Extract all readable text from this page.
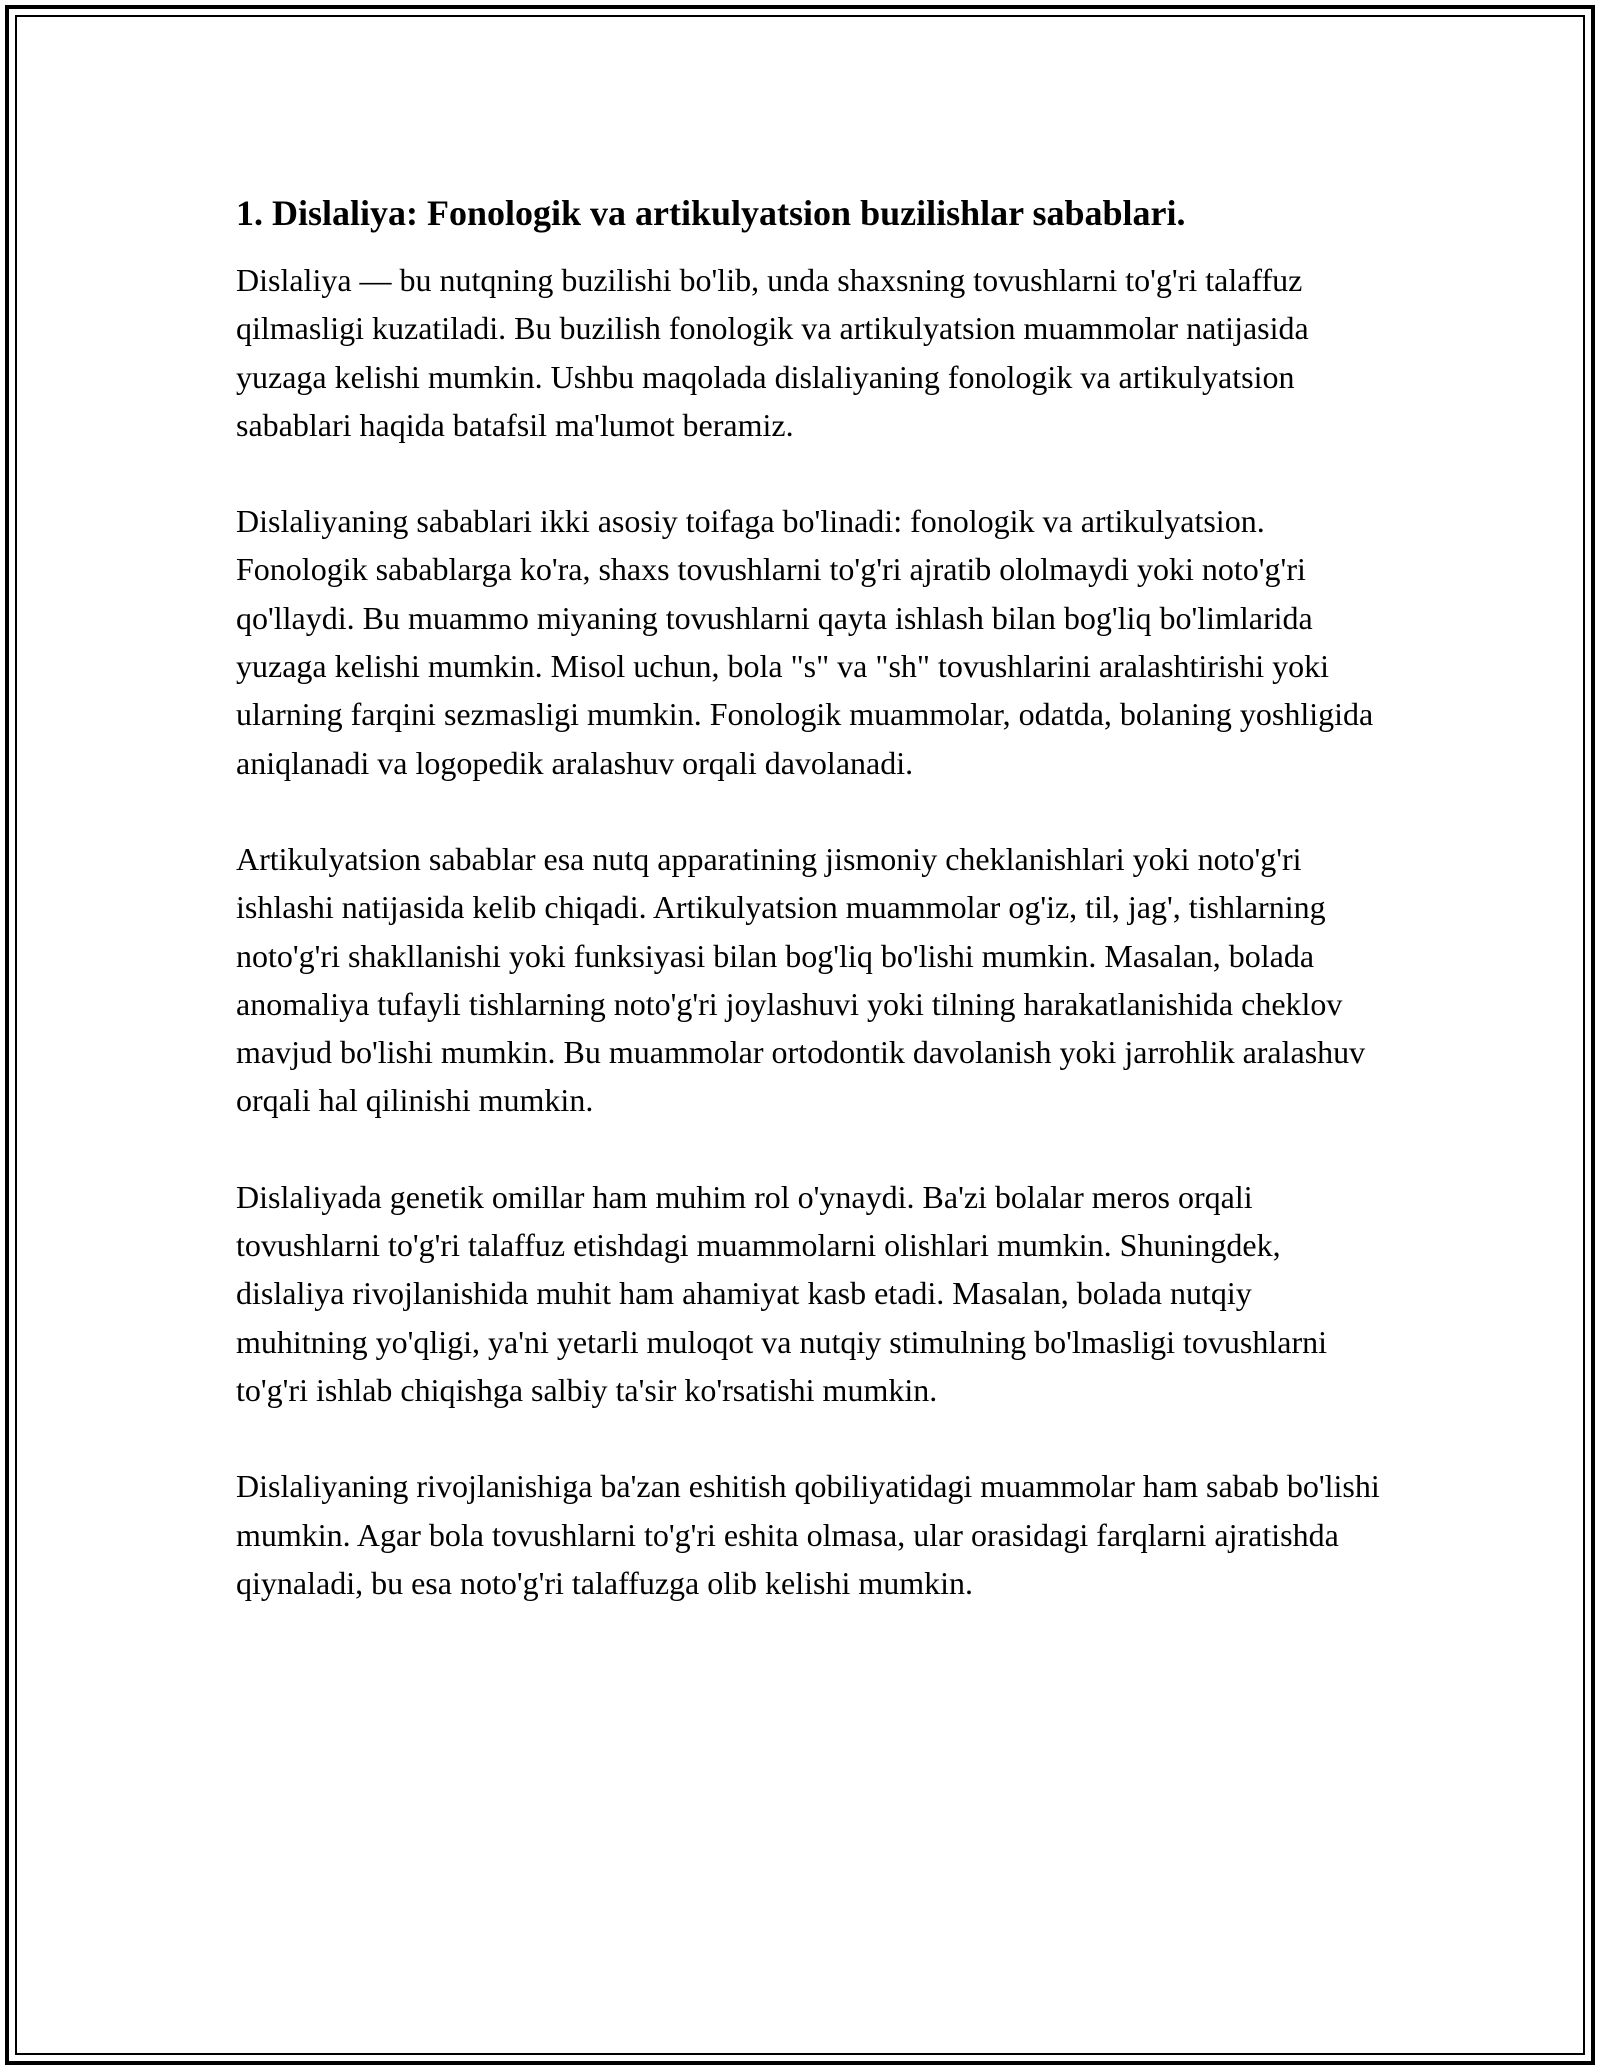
1. Dislaliya: Fonologik va artikulyatsion buzilishlar sabablari.

Dislaliya — bu nutqning buzilishi bo'lib, unda shaxsning tovushlarni to'g'ri talaffuz qilmasligi kuzatiladi. Bu buzilish fonologik va artikulyatsion muammolar natijasida yuzaga kelishi mumkin. Ushbu maqolada dislaliyaning fonologik va artikulyatsion sabablari haqida batafsil ma'lumot beramiz.

Dislaliyaning sabablari ikki asosiy toifaga bo'linadi: fonologik va artikulyatsion. Fonologik sabablarga ko'ra, shaxs tovushlarni to'g'ri ajratib ololmaydi yoki noto'g'ri qo'llaydi. Bu muammo miyaning tovushlarni qayta ishlash bilan bog'liq bo'limlarida yuzaga kelishi mumkin. Misol uchun, bola "s" va "sh" tovushlarini aralashtirishi yoki ularning farqini sezmasligi mumkin. Fonologik muammolar, odatda, bolaning yoshligida aniqlanadi va logopedik aralashuv orqali davolanadi.

Artikulyatsion sabablar esa nutq apparatining jismoniy cheklanishlari yoki noto'g'ri ishlashi natijasida kelib chiqadi. Artikulyatsion muammolar og'iz, til, jag', tishlarning noto'g'ri shakllanishi yoki funksiyasi bilan bog'liq bo'lishi mumkin. Masalan, bolada anomaliya tufayli tishlarning noto'g'ri joylashuvi yoki tilning harakatlanishida cheklov mavjud bo'lishi mumkin. Bu muammolar ortodontik davolanish yoki jarrohlik aralashuv orqali hal qilinishi mumkin.

Dislaliyada genetik omillar ham muhim rol o'ynaydi. Ba'zi bolalar meros orqali tovushlarni to'g'ri talaffuz etishdagi muammolarni olishlari mumkin. Shuningdek, dislaliya rivojlanishida muhit ham ahamiyat kasb etadi. Masalan, bolada nutqiy muhitning yo'qligi, ya'ni yetarli muloqot va nutqiy stimulning bo'lmasligi tovushlarni to'g'ri ishlab chiqishga salbiy ta'sir ko'rsatishi mumkin.

Dislaliyaning rivojlanishiga ba'zan eshitish qobiliyatidagi muammolar ham sabab bo'lishi mumkin. Agar bola tovushlarni to'g'ri eshita olmasa, ular orasidagi farqlarni ajratishda qiynaladi, bu esa noto'g'ri talaffuzga olib kelishi mumkin.
